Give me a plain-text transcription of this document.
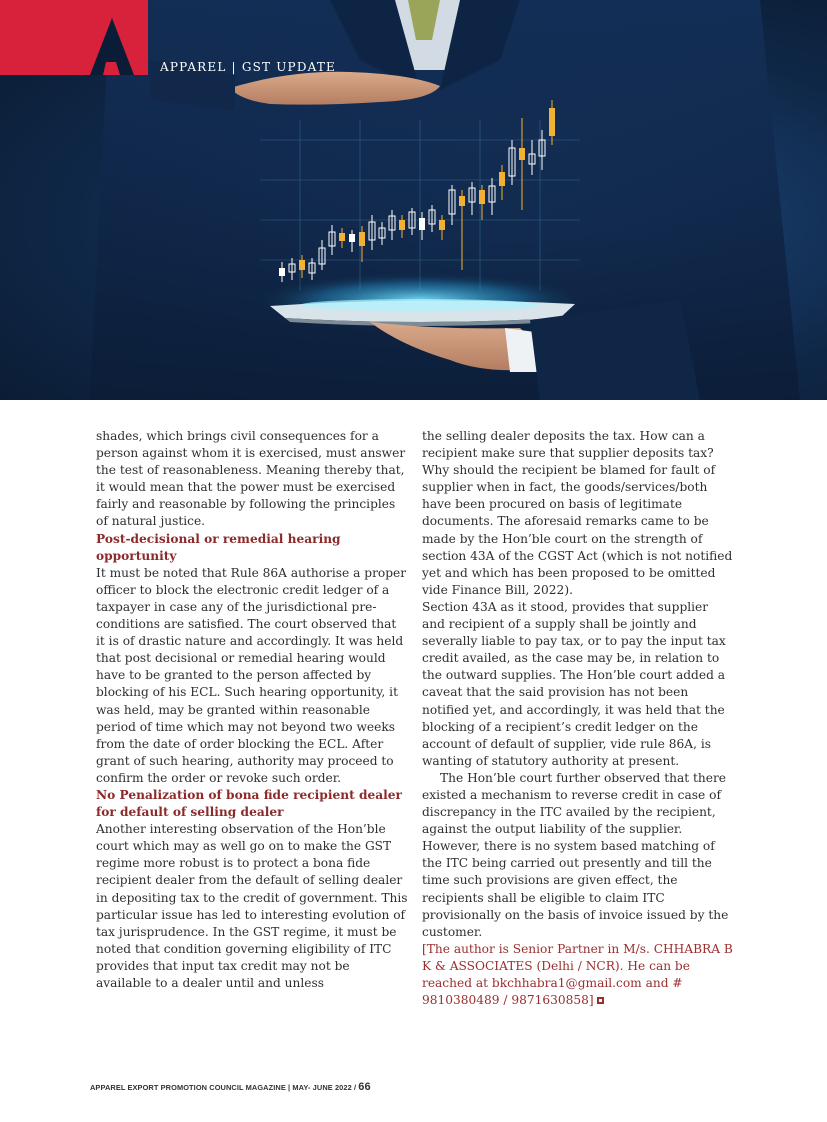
APPAREL | GST UPDATE

shades, which brings civil consequences for a person against whom it is exercised, must answer the test of reasonableness. Meaning thereby that, it would mean that the power must be exercised fairly and reasonable by following the principles of natural justice.

Post-decisional or remedial hearing opportunity

It must be noted that Rule 86A authorise a proper officer to block the electronic credit ledger of a taxpayer in case any of the jurisdictional pre-conditions are satisfied. The court observed that it is of drastic nature and accordingly. It was held that post decisional or remedial hearing would have to be granted to the person affected by blocking of his ECL. Such hearing opportunity, it was held, may be granted within reasonable period of time which may not beyond two weeks from the date of order blocking the ECL. After grant of such hearing, authority may proceed to confirm the order or revoke such order.

No Penalization of bona fide recipient dealer for default of selling dealer

Another interesting observation of the Hon’ble court which may as well go on to make the GST regime more robust is to protect a bona fide recipient dealer from the default of selling dealer in depositing tax to the credit of government. This particular issue has led to interesting evolution of tax jurisprudence. In the GST regime, it must be noted that condition governing eligibility of ITC provides that input tax credit may not be available to a dealer until and unless

the selling dealer deposits the tax. How can a recipient make sure that supplier deposits tax? Why should the recipient be blamed for fault of supplier when in fact, the goods/services/both have been procured on basis of legitimate documents. The aforesaid remarks came to be made by the Hon’ble court on the strength of section 43A of the CGST Act (which is not notified yet and which has been proposed to be omitted vide Finance Bill, 2022).

Section 43A as it stood, provides that supplier and recipient of a supply shall be jointly and severally liable to pay tax, or to pay the input tax credit availed, as the case may be, in relation to the outward supplies. The Hon’ble court added a caveat that the said provision has not been notified yet, and accordingly, it was held that the blocking of a recipient’s credit ledger on the account of default of supplier, vide rule 86A, is wanting of statutory authority at present.

The Hon’ble court further observed that there existed a mechanism to reverse credit in case of discrepancy in the ITC availed by the recipient, against the output liability of the supplier. However, there is no system based matching of the ITC being carried out presently and till the time such provisions are given effect, the recipients shall be eligible to claim ITC provisionally on the basis of invoice issued by the customer.

[The author is Senior Partner in M/s. CHHABRA B K & ASSOCIATES (Delhi / NCR). He can be reached at bkchhabra1@gmail.com and # 9810380489 / 9871630858]

APPAREL EXPORT PROMOTION COUNCIL MAGAZINE | MAY- JUNE 2022 / 66
